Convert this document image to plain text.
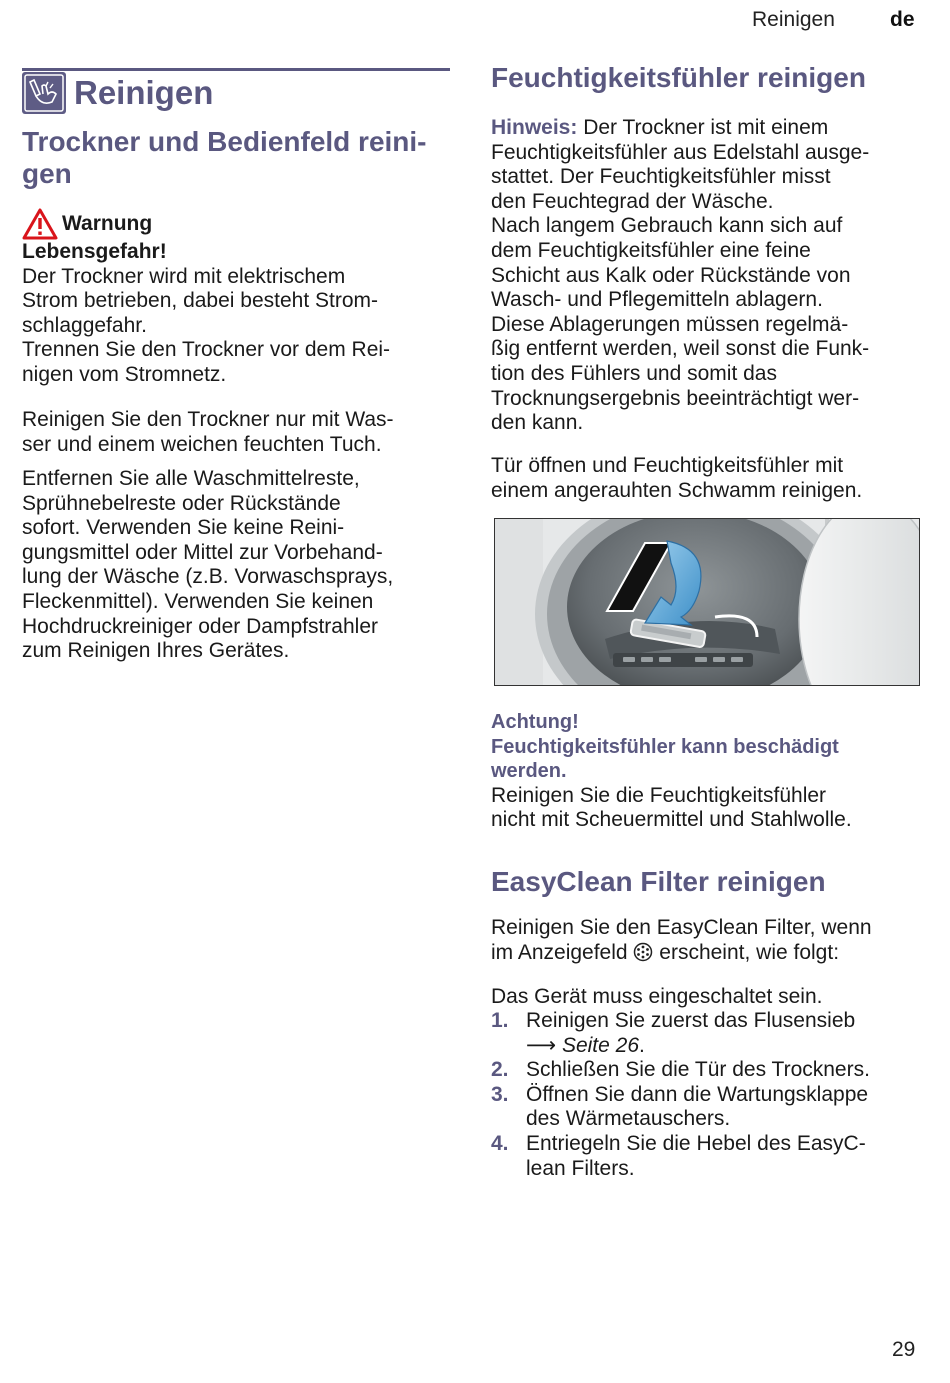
Reinigen	de
Reinigen

Trockner und Bedienfeld reini-
gen

Warnung

Lebensgefahr!

Der Trockner wird mit elektrischem
Strom betrieben, dabei besteht Strom-
schlaggefahr.
Trennen Sie den Trockner vor dem Rei-
nigen vom Stromnetz.

Reinigen Sie den Trockner nur mit Was-
ser und einem weichen feuchten Tuch.

Entfernen Sie alle Waschmittelreste,
Sprühnebelreste oder Rückstände
sofort. Verwenden Sie keine Reini-
gungsmittel oder Mittel zur Vorbehand-
lung der Wäsche (z.B. Vorwaschsprays,
Fleckenmittel). Verwenden Sie keinen
Hochdruckreiniger oder Dampfstrahler
zum Reinigen Ihres Gerätes.

Feuchtigkeitsfühler reinigen

Hinweis: Der Trockner ist mit einem
Feuchtigkeitsfühler aus Edelstahl ausge-
stattet. Der Feuchtigkeitsfühler misst
den Feuchtegrad der Wäsche.
Nach langem Gebrauch kann sich auf
dem Feuchtigkeitsfühler eine feine
Schicht aus Kalk oder Rückstände von
Wasch- und Pflegemitteln ablagern.
Diese Ablagerungen müssen regelmä-
ßig entfernt werden, weil sonst die Funk-
tion des Fühlers und somit das
Trocknungsergebnis beeinträchtigt wer-
den kann.

Tür öffnen und Feuchtigkeitsfühler mit
einem angerauhten Schwamm reinigen.

Achtung!

Feuchtigkeitsfühler kann beschädigt
werden.

Reinigen Sie die Feuchtigkeitsfühler
nicht mit Scheuermittel und Stahlwolle.

EasyClean Filter reinigen

Reinigen Sie den EasyClean Filter, wenn
im Anzeigefeld erscheint, wie folgt:

Das Gerät muss eingeschaltet sein.

1. Reinigen Sie zuerst das Flusensieb
⟶ Seite 26.
2. Schließen Sie die Tür des Trockners.
3. Öffnen Sie dann die Wartungsklappe
des Wärmetauschers.
4. Entriegeln Sie die Hebel des EasyC-
lean Filters.
29
